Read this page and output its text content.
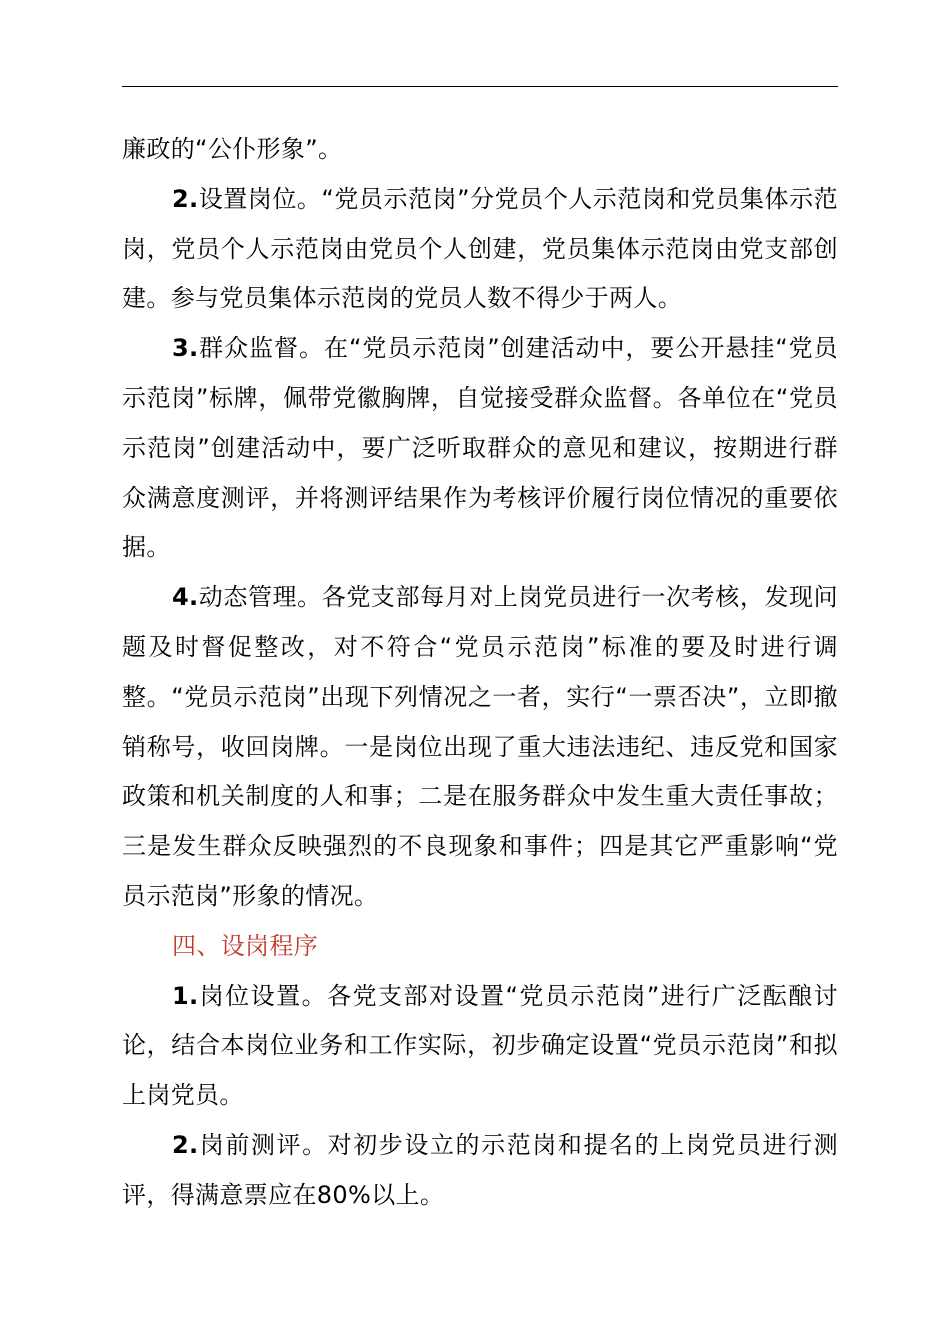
廉政的“公仆形象”。

2.设置岗位。“党员示范岗”分党员个人示范岗和党员集体示范岗，党员个人示范岗由党员个人创建，党员集体示范岗由党支部创建。参与党员集体示范岗的党员人数不得少于两人。

3.群众监督。在“党员示范岗”创建活动中，要公开悬挂“党员示范岗”标牌，佩带党徽胸牌，自觉接受群众监督。各单位在“党员示范岗”创建活动中，要广泛听取群众的意见和建议，按期进行群众满意度测评，并将测评结果作为考核评价履行岗位情况的重要依据。

4.动态管理。各党支部每月对上岗党员进行一次考核，发现问题及时督促整改，对不符合“党员示范岗”标准的要及时进行调整。“党员示范岗”出现下列情况之一者，实行“一票否决”，立即撤销称号，收回岗牌。一是岗位出现了重大违法违纪、违反党和国家政策和机关制度的人和事；二是在服务群众中发生重大责任事故；三是发生群众反映强烈的不良现象和事件；四是其它严重影响“党员示范岗”形象的情况。

四、设岗程序

1.岗位设置。各党支部对设置“党员示范岗”进行广泛酝酿讨论，结合本岗位业务和工作实际，初步确定设置“党员示范岗”和拟上岗党员。

2.岗前测评。对初步设立的示范岗和提名的上岗党员进行测评，得满意票应在80%以上。
